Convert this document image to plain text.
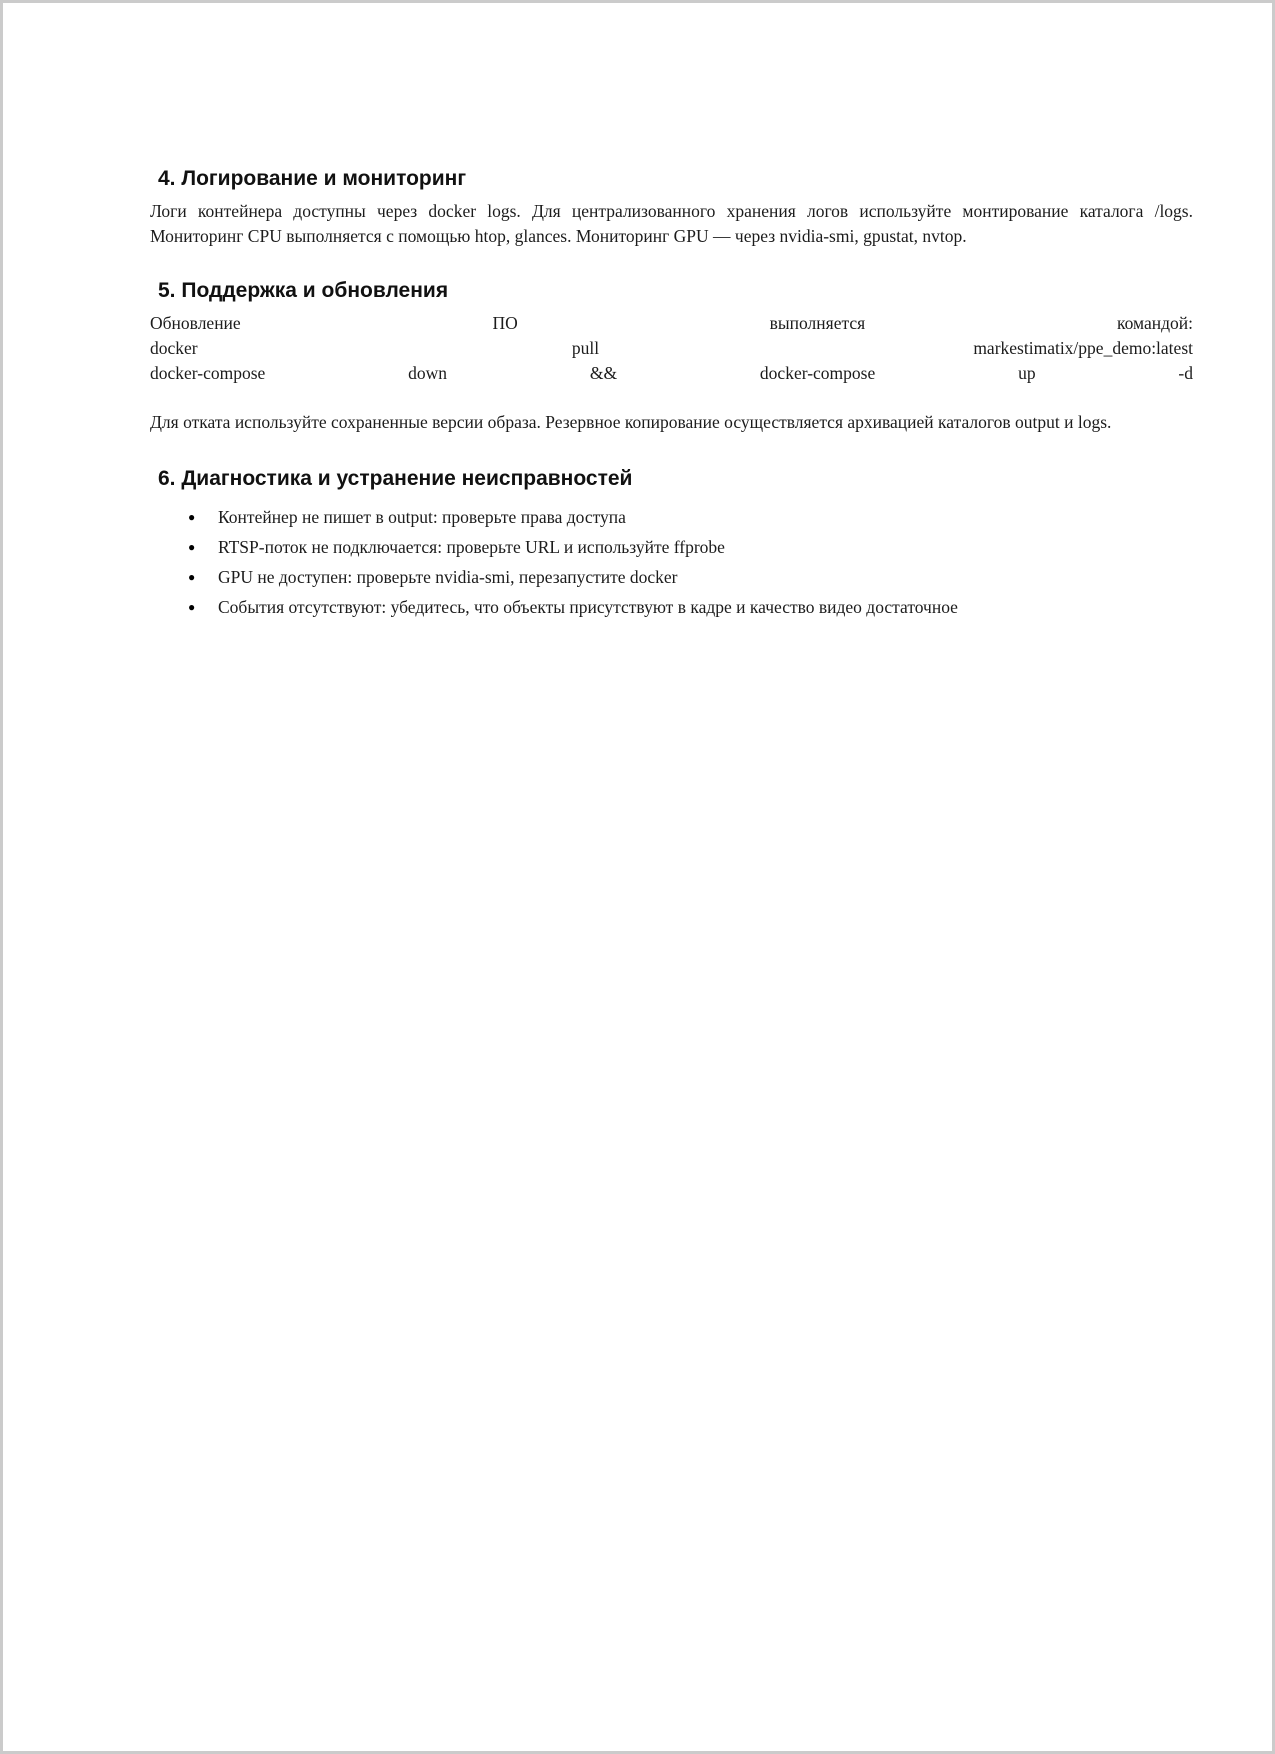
4. Логирование и мониторинг

Логи контейнера доступны через docker logs. Для централизованного хранения логов используйте монтирование каталога /logs. Мониторинг CPU выполняется с помощью htop, glances. Мониторинг GPU — через nvidia-smi, gpustat, nvtop.

5. Поддержка и обновления

Обновление ПО выполняется командой:

docker pull markestimatix/ppe_demo:latest

docker-compose down && docker-compose up -d

Для отката используйте сохраненные версии образа. Резервное копирование осуществляется архивацией каталогов output и logs.

6. Диагностика и устранение неисправностей
● Контейнер не пишет в output: проверьте права доступа
● RTSP-поток не подключается: проверьте URL и используйте ffprobe
● GPU не доступен: проверьте nvidia-smi, перезапустите docker
● События отсутствуют: убедитесь, что объекты присутствуют в кадре и качество видео достаточное
